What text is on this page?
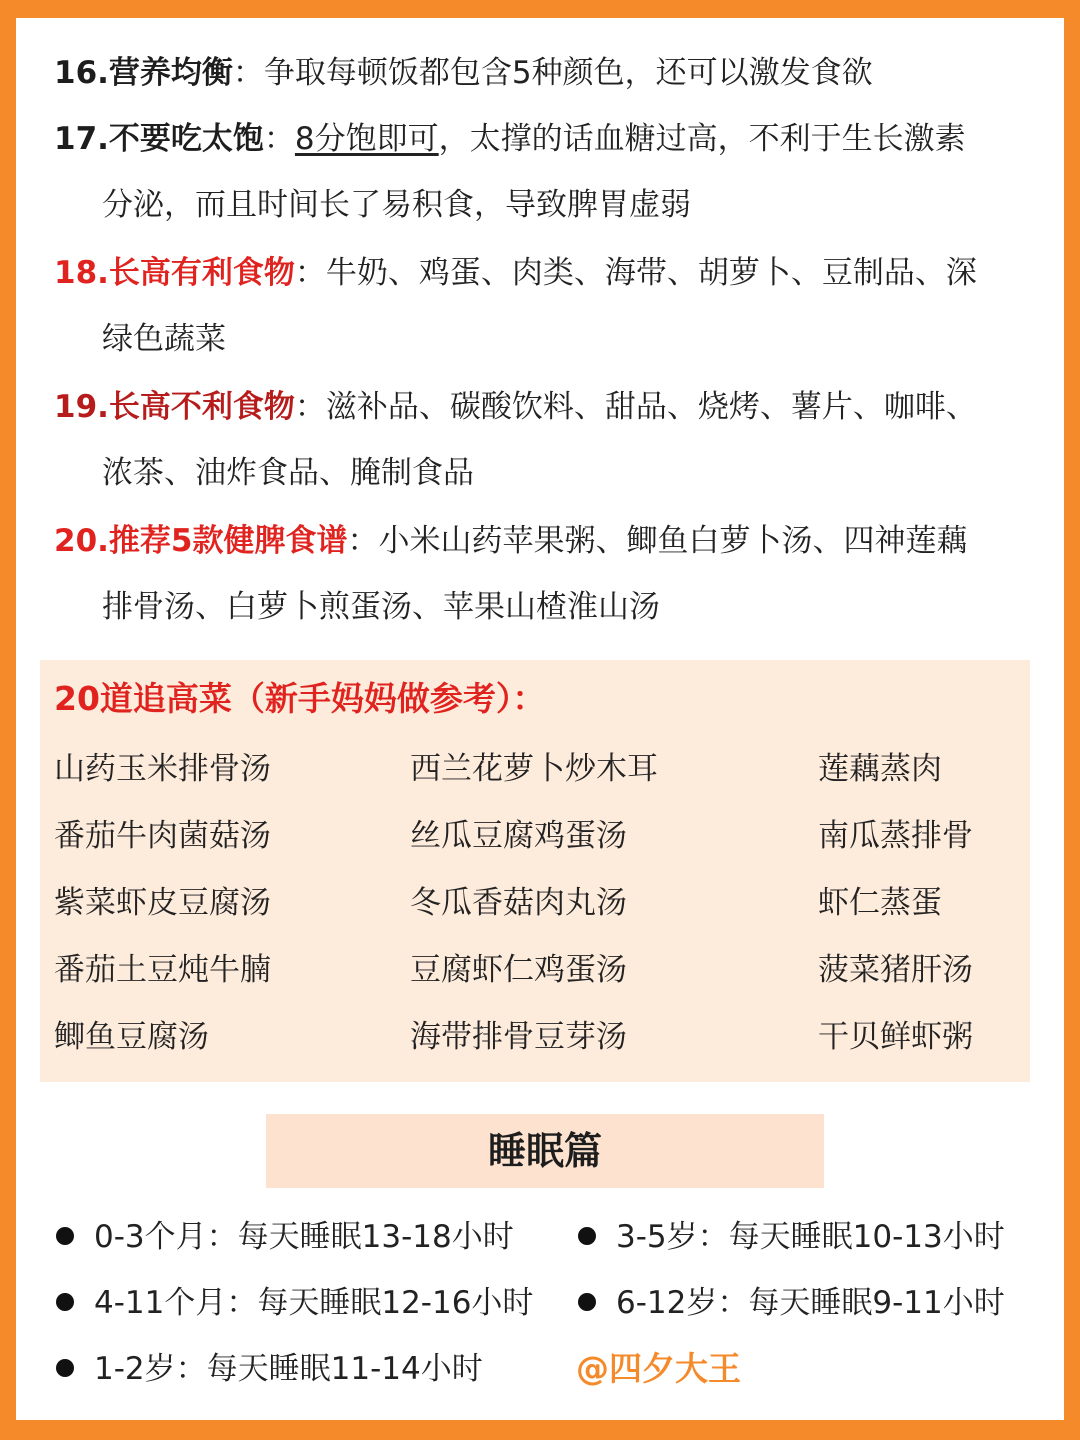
16.营养均衡：争取每顿饭都包含5种颜色，还可以激发食欲
17.不要吃太饱：8分饱即可，太撑的话血糖过高，不利于生长激素
分泌，而且时间长了易积食，导致脾胃虚弱
18.长高有利食物：牛奶、鸡蛋、肉类、海带、胡萝卜、豆制品、深
绿色蔬菜
19.长高不利食物：滋补品、碳酸饮料、甜品、烧烤、薯片、咖啡、
浓茶、油炸食品、腌制食品
20.推荐5款健脾食谱：小米山药苹果粥、鲫鱼白萝卜汤、四神莲藕
排骨汤、白萝卜煎蛋汤、苹果山楂淮山汤
20道追高菜（新手妈妈做参考）：
山药玉米排骨汤	西兰花萝卜炒木耳	莲藕蒸肉
番茄牛肉菌菇汤	丝瓜豆腐鸡蛋汤	南瓜蒸排骨
紫菜虾皮豆腐汤	冬瓜香菇肉丸汤	虾仁蒸蛋
番茄土豆炖牛腩	豆腐虾仁鸡蛋汤	菠菜猪肝汤
鲫鱼豆腐汤	海带排骨豆芽汤	干贝鲜虾粥
睡眠篇
0-3个月：每天睡眠13-18小时
4-11个月：每天睡眠12-16小时
1-2岁：每天睡眠11-14小时
3-5岁：每天睡眠10-13小时
6-12岁：每天睡眠9-11小时
@四夕大王
